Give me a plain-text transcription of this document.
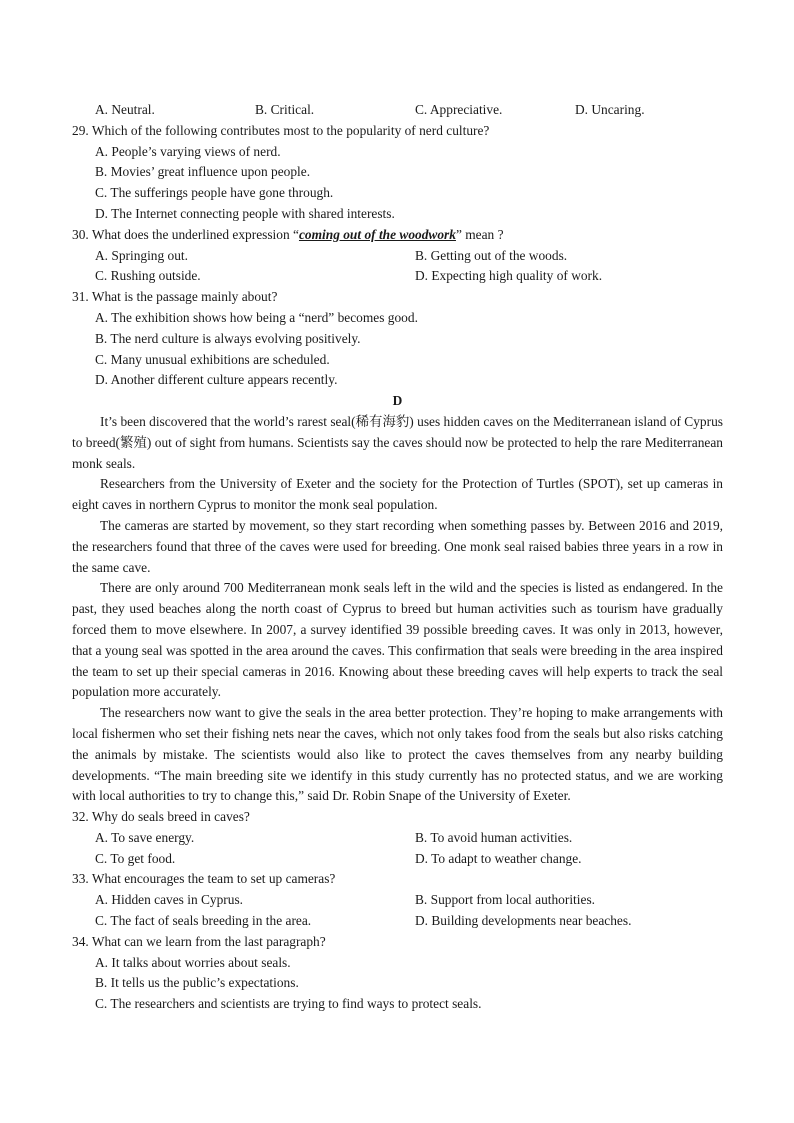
A. Neutral.	B. Critical.	C. Appreciative.	D. Uncaring.
29. Which of the following contributes most to the popularity of nerd culture?
A. People’s varying views of nerd.
B. Movies’ great influence upon people.
C. The sufferings people have gone through.
D. The Internet connecting people with shared interests.
30. What does the underlined expression “coming out of the woodwork” mean ?
A. Springing out.	B. Getting out of the woods.
C. Rushing outside.	D. Expecting high quality of work.
31. What is the passage mainly about?
A. The exhibition shows how being a “nerd” becomes good.
B. The nerd culture is always evolving positively.
C. Many unusual exhibitions are scheduled.
D. Another different culture appears recently.
D

It’s been discovered that the world’s rarest seal(稀有海豹) uses hidden caves on the Mediterranean island of Cyprus to breed(繁殖) out of sight from humans. Scientists say the caves should now be protected to help the rare Mediterranean monk seals.

Researchers from the University of Exeter and the society for the Protection of Turtles (SPOT), set up cameras in eight caves in northern Cyprus to monitor the monk seal population.

The cameras are started by movement, so they start recording when something passes by. Between 2016 and 2019, the researchers found that three of the caves were used for breeding. One monk seal raised babies three years in a row in the same cave.

There are only around 700 Mediterranean monk seals left in the wild and the species is listed as endangered. In the past, they used beaches along the north coast of Cyprus to breed but human activities such as tourism have gradually forced them to move elsewhere. In 2007, a survey identified 39 possible breeding caves. It was only in 2013, however, that a young seal was spotted in the area around the caves. This confirmation that seals were breeding in the area inspired the team to set up their special cameras in 2016. Knowing about these breeding caves will help experts to track the seal population more accurately.

The researchers now want to give the seals in the area better protection. They’re hoping to make arrangements with local fishermen who set their fishing nets near the caves, which not only takes food from the seals but also risks catching the animals by mistake. The scientists would also like to protect the caves themselves from any nearby building developments. “The main breeding site we identify in this study currently has no protected status, and we are working with local authorities to try to change this,” said Dr. Robin Snape of the University of Exeter.

32. Why do seals breed in caves?
A. To save energy.	B. To avoid human activities.
C. To get food.	D. To adapt to weather change.
33. What encourages the team to set up cameras?
A. Hidden caves in Cyprus.	B. Support from local authorities.
C. The fact of seals breeding in the area.	D. Building developments near beaches.
34. What can we learn from the last paragraph?
A. It talks about worries about seals.
B. It tells us the public’s expectations.
C. The researchers and scientists are trying to find ways to protect seals.
